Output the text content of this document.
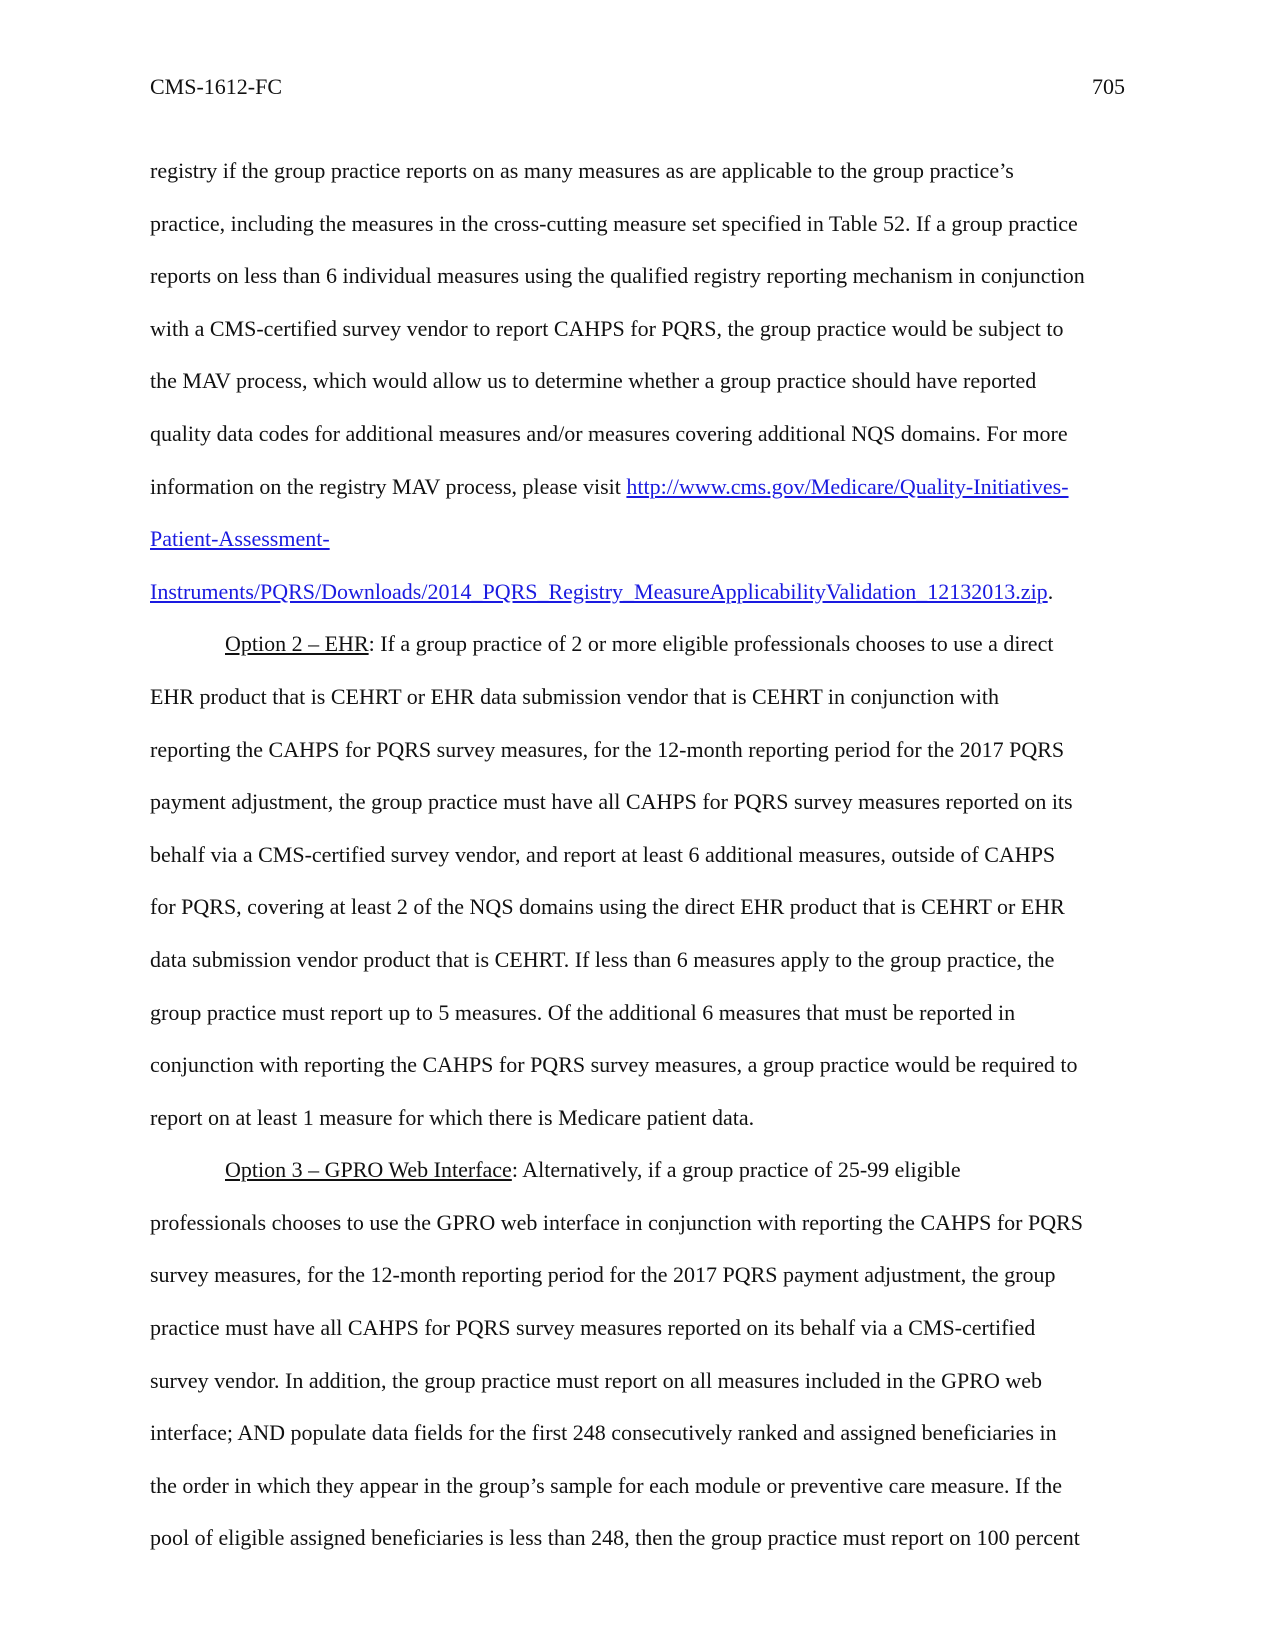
CMS-1612-FC	705
registry if the group practice reports on as many measures as are applicable to the group practice’s
practice, including the measures in the cross-cutting measure set specified in Table 52. If a group practice
reports on less than 6 individual measures using the qualified registry reporting mechanism in conjunction
with a CMS-certified survey vendor to report CAHPS for PQRS, the group practice would be subject to
the MAV process, which would allow us to determine whether a group practice should have reported
quality data codes for additional measures and/or measures covering additional NQS domains. For more
information on the registry MAV process, please visit http://www.cms.gov/Medicare/Quality-Initiatives-
Patient-Assessment-
Instruments/PQRS/Downloads/2014_PQRS_Registry_MeasureApplicabilityValidation_12132013.zip.
Option 2 – EHR: If a group practice of 2 or more eligible professionals chooses to use a direct
EHR product that is CEHRT or EHR data submission vendor that is CEHRT in conjunction with
reporting the CAHPS for PQRS survey measures, for the 12-month reporting period for the 2017 PQRS
payment adjustment, the group practice must have all CAHPS for PQRS survey measures reported on its
behalf via a CMS-certified survey vendor, and report at least 6 additional measures, outside of CAHPS
for PQRS, covering at least 2 of the NQS domains using the direct EHR product that is CEHRT or EHR
data submission vendor product that is CEHRT. If less than 6 measures apply to the group practice, the
group practice must report up to 5 measures. Of the additional 6 measures that must be reported in
conjunction with reporting the CAHPS for PQRS survey measures, a group practice would be required to
report on at least 1 measure for which there is Medicare patient data.
Option 3 – GPRO Web Interface: Alternatively, if a group practice of 25-99 eligible
professionals chooses to use the GPRO web interface in conjunction with reporting the CAHPS for PQRS
survey measures, for the 12-month reporting period for the 2017 PQRS payment adjustment, the group
practice must have all CAHPS for PQRS survey measures reported on its behalf via a CMS-certified
survey vendor. In addition, the group practice must report on all measures included in the GPRO web
interface; AND populate data fields for the first 248 consecutively ranked and assigned beneficiaries in
the order in which they appear in the group’s sample for each module or preventive care measure. If the
pool of eligible assigned beneficiaries is less than 248, then the group practice must report on 100 percent
